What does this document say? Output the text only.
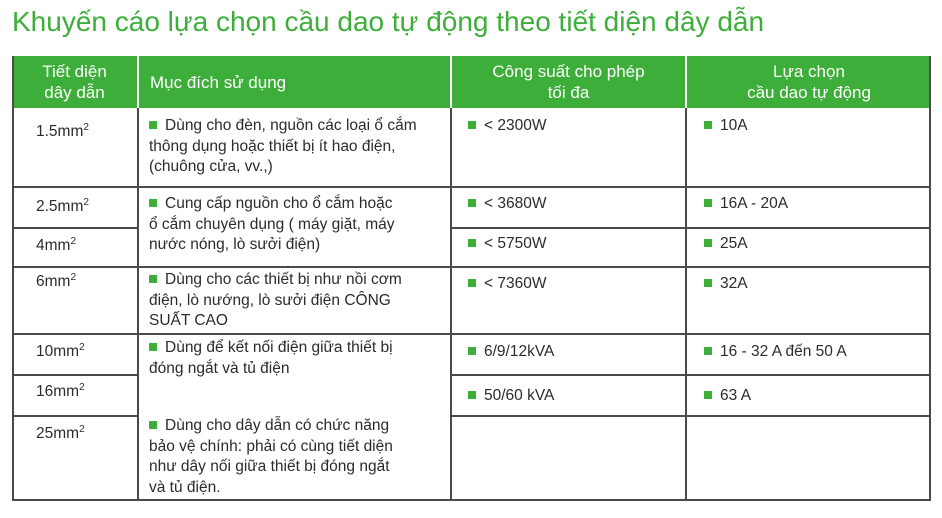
Khuyến cáo lựa chọn cầu dao tự động theo tiết diện dây dẫn
Tiết diện
dây dẫn
Mục đích sử dụng
Công suất cho phép
tối đa
Lựa chọn
cầu dao tự động
$1.5mm^2$
$2.5mm^2$
$4mm^2$
$6mm^2$
$10mm^2$
$16mm^2$
$25mm^2$
Dùng cho đèn, nguồn các loại ổ cắm
thông dụng hoặc thiết bị ít hao điện,
(chuông cửa, vv.,)
Cung cấp nguồn cho ổ cắm hoặc
ổ cắm chuyên dụng ( máy giặt, máy
nước nóng, lò sưởi điện)
Dùng cho các thiết bị như nồi cơm
điện, lò nướng, lò sưởi điện CÔNG
SUẤT CAO
Dùng để kết nối điện giữa thiết bị
đóng ngắt và tủ điện
Dùng cho dây dẫn có chức năng
bảo vệ chính: phải có cùng tiết diện
như dây nối giữa thiết bị đóng ngắt
và tủ điện.
< 2300W
< 3680W
< 5750W
< 7360W
6/9/12kVA
50/60 kVA
10A
16A - 20A
25A
32A
16 - 32 A đến 50 A
63 A
